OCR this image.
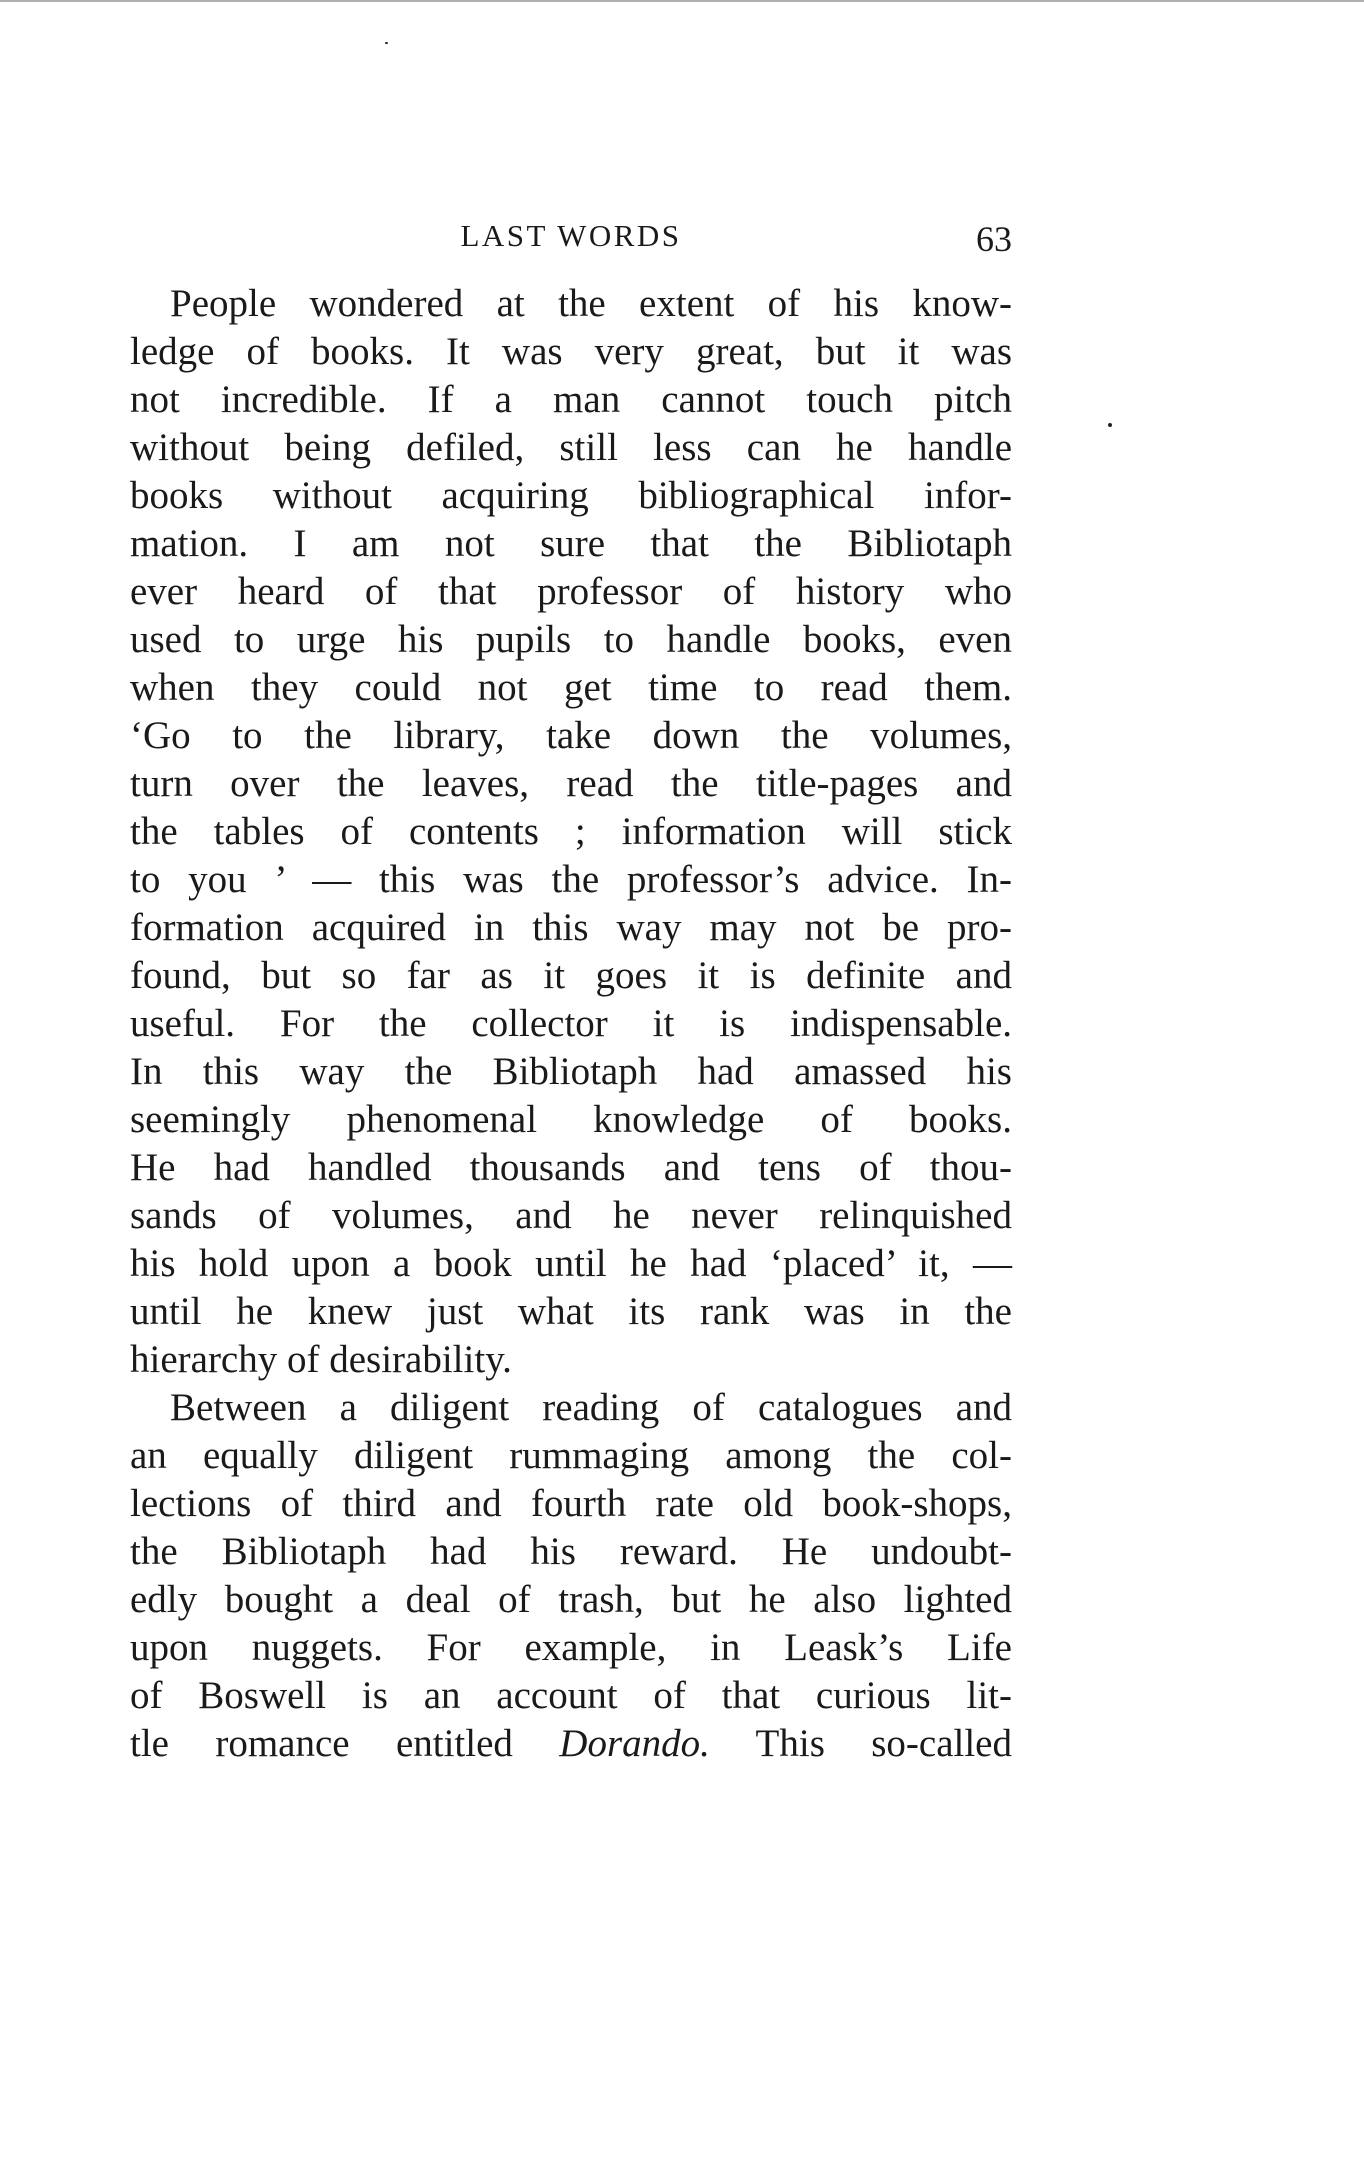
LAST WORDS	63
People wondered at the extent of his know-
ledge of books. It was very great, but it was
not incredible. If a man cannot touch pitch
without being defiled, still less can he handle
books without acquiring bibliographical infor-
mation. I am not sure that the Bibliotaph
ever heard of that professor of history who
used to urge his pupils to handle books, even
when they could not get time to read them.
‘Go to the library, take down the volumes,
turn over the leaves, read the title-pages and
the tables of contents ; information will stick
to you ’ — this was the professor’s advice. In-
formation acquired in this way may not be pro-
found, but so far as it goes it is definite and
useful. For the collector it is indispensable.
In this way the Bibliotaph had amassed his
seemingly phenomenal knowledge of books.
He had handled thousands and tens of thou-
sands of volumes, and he never relinquished
his hold upon a book until he had ‘placed’ it, —
until he knew just what its rank was in the
hierarchy of desirability.
Between a diligent reading of catalogues and
an equally diligent rummaging among the col-
lections of third and fourth rate old book-shops,
the Bibliotaph had his reward. He undoubt-
edly bought a deal of trash, but he also lighted
upon nuggets. For example, in Leask’s Life
of Boswell is an account of that curious lit-
tle romance entitled Dorando. This so-called
